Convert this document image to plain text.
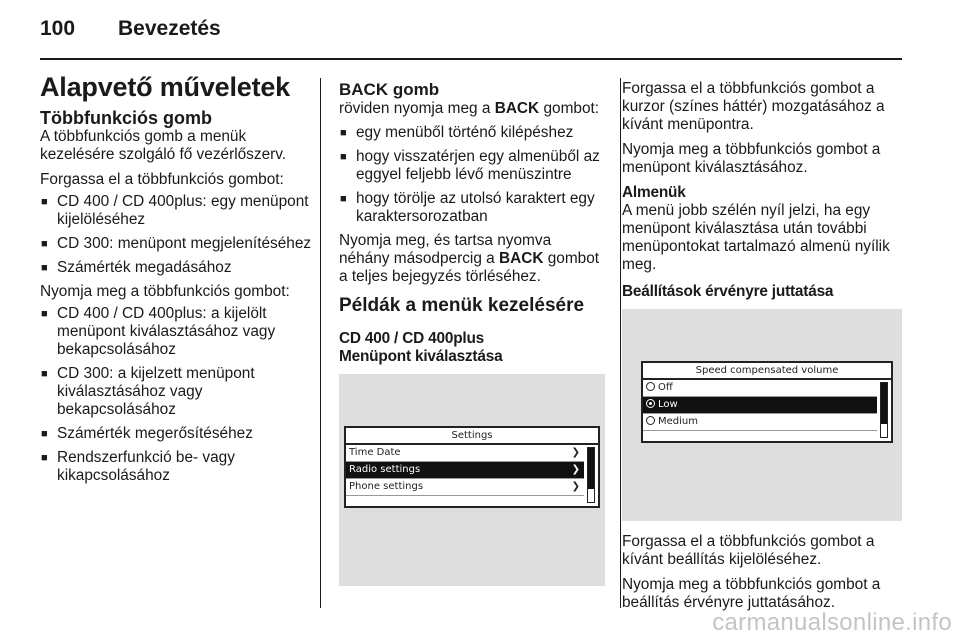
100 Bevezetés
Alapvető műveletek
Többfunkciós gomb

A többfunkciós gomb a menük kezelésére szolgáló fő vezérlőszerv.

Forgassa el a többfunkciós gombot:

■ CD 400 / CD 400plus: egy menüpont kijelöléséhez
■ CD 300: menüpont megjelenítéséhez
■ Számérték megadásához

Nyomja meg a többfunkciós gombot:

■ CD 400 / CD 400plus: a kijelölt menüpont kiválasztásához vagy bekapcsolásához
■ CD 300: a kijelzett menüpont kiválasztásához vagy bekapcsolásához
■ Számérték megerősítéséhez
■ Rendszerfunkció be- vagy kikapcsolásához
BACK gomb

röviden nyomja meg a BACK gombot:

■ egy menüből történő kilépéshez
■ hogy visszatérjen egy almenüből az eggyel feljebb lévő menüszintre
■ hogy törölje az utolsó karaktert egy karaktersorozatban

Nyomja meg, és tartsa nyomva néhány másodpercig a BACK gombot a teljes bejegyzés törléséhez.

Példák a menük kezelésére
CD 400 / CD 400plus
Menüpont kiválasztása
Settings
Time Date	❯
Radio settings	❯
Phone settings	❯

Forgassa el a többfunkciós gombot a kurzor (színes háttér) mozgatásához a kívánt menüpontra.

Nyomja meg a többfunkciós gombot a menüpont kiválasztásához.

Almenük

A menü jobb szélén nyíl jelzi, ha egy menüpont kiválasztása után további menüpontokat tartalmazó almenü nyílik meg.

Beállítások érvényre juttatása
Speed compensated volume
Off
Low
Medium

Forgassa el a többfunkciós gombot a kívánt beállítás kijelöléséhez.

Nyomja meg a többfunkciós gombot a beállítás érvényre juttatásához.

carmanualsonline.info
